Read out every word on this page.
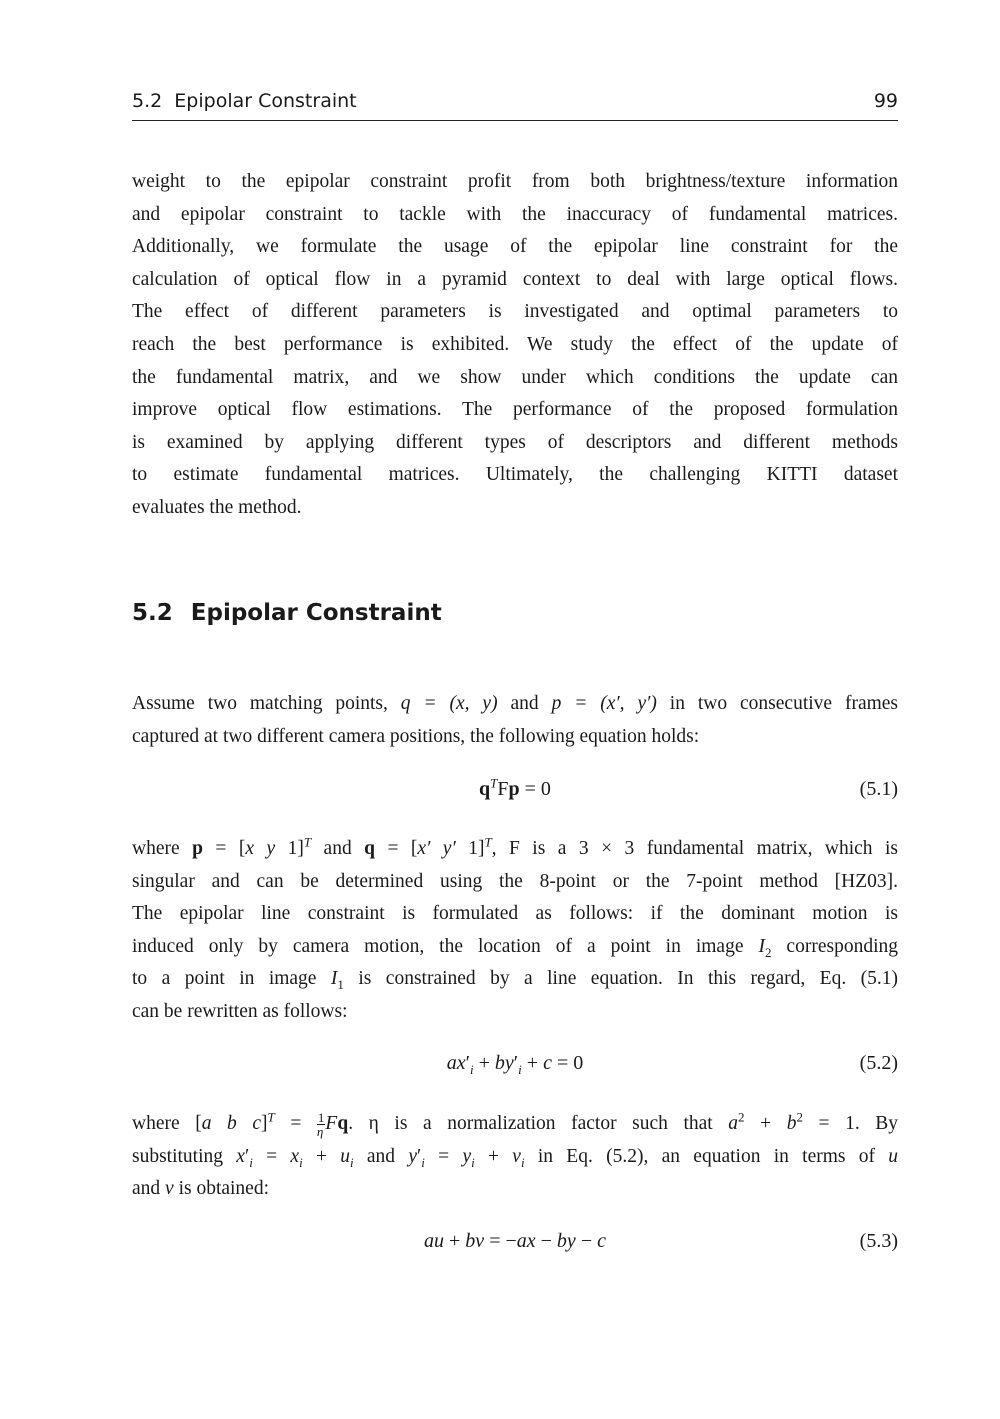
5.2  Epipolar Constraint	99
weight to the epipolar constraint profit from both brightness/texture information
and epipolar constraint to tackle with the inaccuracy of fundamental matrices.
Additionally, we formulate the usage of the epipolar line constraint for the
calculation of optical flow in a pyramid context to deal with large optical flows.
The effect of different parameters is investigated and optimal parameters to
reach the best performance is exhibited. We study the effect of the update of
the fundamental matrix, and we show under which conditions the update can
improve optical flow estimations. The performance of the proposed formulation
is examined by applying different types of descriptors and different methods
to estimate fundamental matrices. Ultimately, the challenging KITTI dataset
evaluates the method.
5.2 Epipolar Constraint
Assume two matching points, q = (x, y) and p = (x′, y′) in two consecutive frames
captured at two different camera positions, the following equation holds:
$q^TFp = 0$	(5.1)
where p = [x y 1]$^T$ and q = [x′ y′ 1]$^T$, F is a 3 × 3 fundamental matrix, which is
singular and can be determined using the 8-point or the 7-point method [HZ03].
The epipolar line constraint is formulated as follows: if the dominant motion is
induced only by camera motion, the location of a point in image $I_2$ corresponding
to a point in image $I_1$ is constrained by a line equation. In this regard, Eq. (5.1)
can be rewritten as follows:
$ax'_i + by'_i + c = 0$	(5.2)
where [a b $c]^T = \frac{1}{\eta} Fq$. η is a normalization factor such that $a^2 + b^2 = 1$. By
substituting $x'_i = x_i + u_i$ and $y'_i = y_i + v_i$ in Eq. (5.2), an equation in terms of u
and v is obtained:
au + bv = −ax − by − c	(5.3)
